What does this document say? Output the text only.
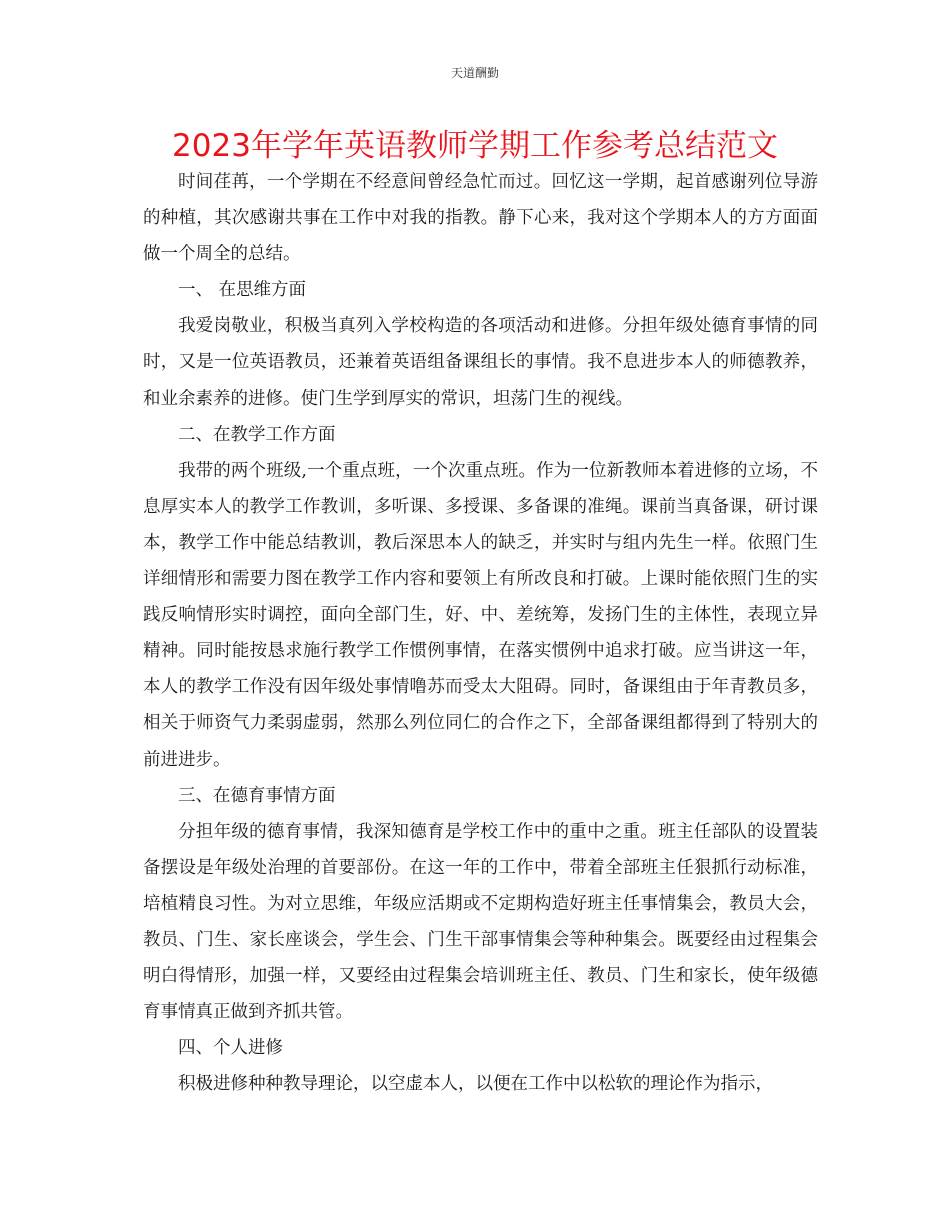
天道酬勤
2023年学年英语教师学期工作参考总结范文

时间荏苒，一个学期在不经意间曾经急忙而过。回忆这一学期，起首感谢列位导游的种植，其次感谢共事在工作中对我的指教。静下心来，我对这个学期本人的方方面面做一个周全的总结。

一、 在思维方面

我爱岗敬业，积极当真列入学校构造的各项活动和进修。分担年级处德育事情的同时，又是一位英语教员，还兼着英语组备课组长的事情。我不息进步本人的师德教养，和业余素养的进修。使门生学到厚实的常识，坦荡门生的视线。

二、在教学工作方面

我带的两个班级,一个重点班，一个次重点班。作为一位新教师本着进修的立场，不息厚实本人的教学工作教训，多听课、多授课、多备课的准绳。课前当真备课，研讨课本，教学工作中能总结教训，教后深思本人的缺乏，并实时与组内先生一样。依照门生详细情形和需要力图在教学工作内容和要领上有所改良和打破。上课时能依照门生的实践反响情形实时调控，面向全部门生，好、中、差统筹，发扬门生的主体性，表现立异精神。同时能按恳求施行教学工作惯例事情，在落实惯例中追求打破。应当讲这一年，本人的教学工作没有因年级处事情噜苏而受太大阻碍。同时，备课组由于年青教员多，相关于师资气力柔弱虚弱，然那么列位同仁的合作之下，全部备课组都得到了特别大的前进进步。

三、在德育事情方面

分担年级的德育事情，我深知德育是学校工作中的重中之重。班主任部队的设置装备摆设是年级处治理的首要部份。在这一年的工作中，带着全部班主任狠抓行动标准，培植精良习性。为对立思维，年级应活期或不定期构造好班主任事情集会，教员大会，教员、门生、家长座谈会，学生会、门生干部事情集会等种种集会。既要经由过程集会明白得情形，加强一样，又要经由过程集会培训班主任、教员、门生和家长，使年级德育事情真正做到齐抓共管。

四、个人进修

积极进修种种教导理论，以空虚本人，以便在工作中以松软的理论作为指示，
